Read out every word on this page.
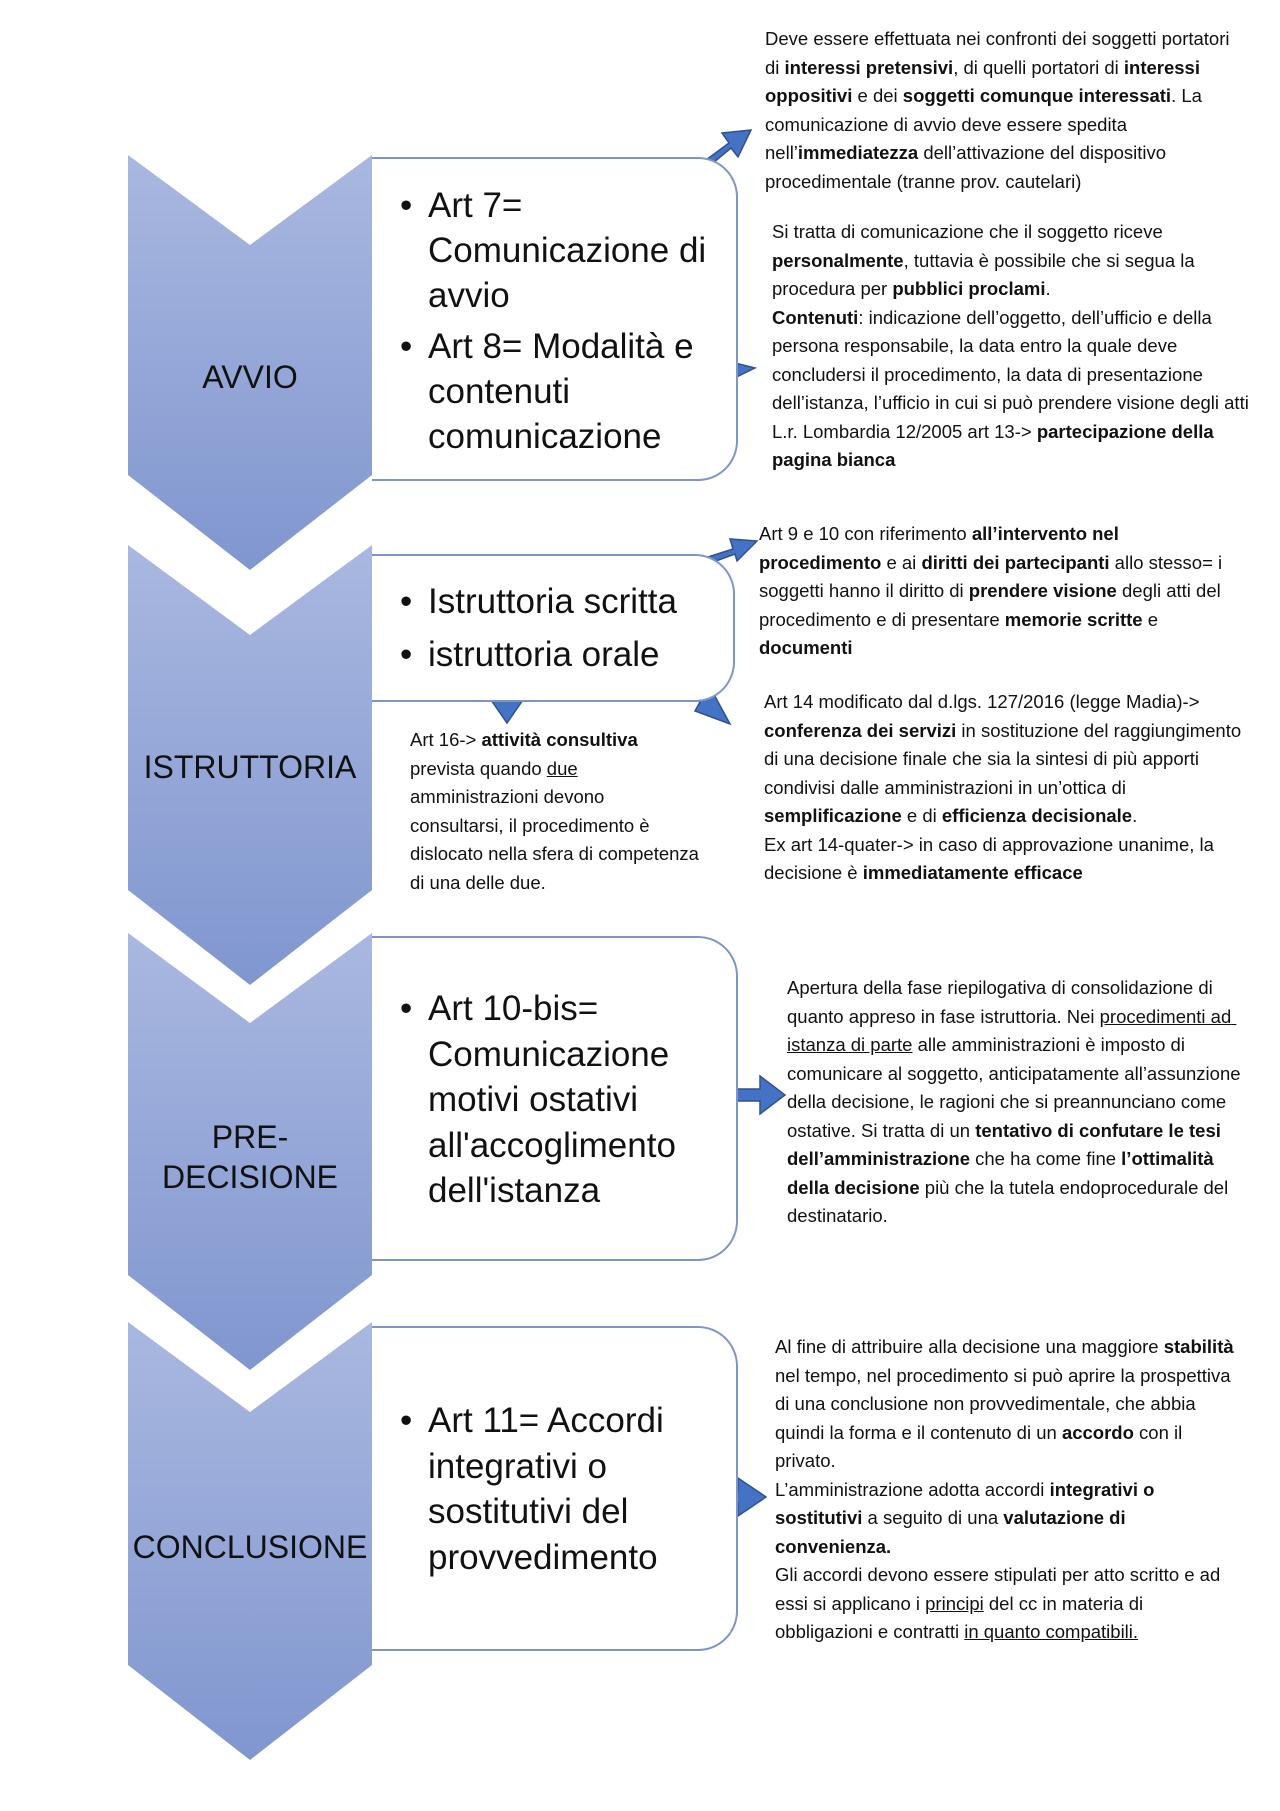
AVVIO
ISTRUTTORIA
PRE-
DECISIONE
CONCLUSIONE
• Art 7= Comunicazione di avvio
• Art 8= Modalità e contenuti comunicazione
• Istruttoria scritta
• istruttoria orale
• Art 10-bis= Comunicazione motivi ostativi all'accoglimento dell'istanza
• Art 11= Accordi integrativi o sostitutivi del provvedimento
Deve essere effettuata nei confronti dei soggetti portatori di interessi pretensivi, di quelli portatori di interessi oppositivi e dei soggetti comunque interessati. La comunicazione di avvio deve essere spedita nell’immediatezza dell’attivazione del dispositivo procedimentale (tranne prov. cautelari)
Si tratta di comunicazione che il soggetto riceve personalmente, tuttavia è possibile che si segua la procedura per pubblici proclami.
Contenuti: indicazione dell’oggetto, dell’ufficio e della persona responsabile, la data entro la quale deve concludersi il procedimento, la data di presentazione dell’istanza, l’ufficio in cui si può prendere visione degli atti
L.r. Lombardia 12/2005 art 13-> partecipazione della pagina bianca
Art 9 e 10 con riferimento all’intervento nel procedimento e ai diritti dei partecipanti allo stesso= i soggetti hanno il diritto di prendere visione degli atti del procedimento e di presentare memorie scritte e documenti
Art 14 modificato dal d.lgs. 127/2016 (legge Madia)-> conferenza dei servizi in sostituzione del raggiungimento di una decisione finale che sia la sintesi di più apporti condivisi dalle amministrazioni in un’ottica di semplificazione e di efficienza decisionale.
Ex art 14-quater-> in caso di approvazione unanime, la decisione è immediatamente efficace
Art 16-> attività consultiva prevista quando due amministrazioni devono consultarsi, il procedimento è dislocato nella sfera di competenza di una delle due.
Apertura della fase riepilogativa di consolidazione di quanto appreso in fase istruttoria. Nei procedimenti ad istanza di parte alle amministrazioni è imposto di comunicare al soggetto, anticipatamente all’assunzione della decisione, le ragioni che si preannunciano come ostative. Si tratta di un tentativo di confutare le tesi dell’amministrazione che ha come fine l’ottimalità della decisione più che la tutela endoprocedurale del destinatario.
Al fine di attribuire alla decisione una maggiore stabilità nel tempo, nel procedimento si può aprire la prospettiva di una conclusione non provvedimentale, che abbia quindi la forma e il contenuto di un accordo con il privato.
L’amministrazione adotta accordi integrativi o sostitutivi a seguito di una valutazione di convenienza.
Gli accordi devono essere stipulati per atto scritto e ad essi si applicano i principi del cc in materia di obbligazioni e contratti in quanto compatibili.
